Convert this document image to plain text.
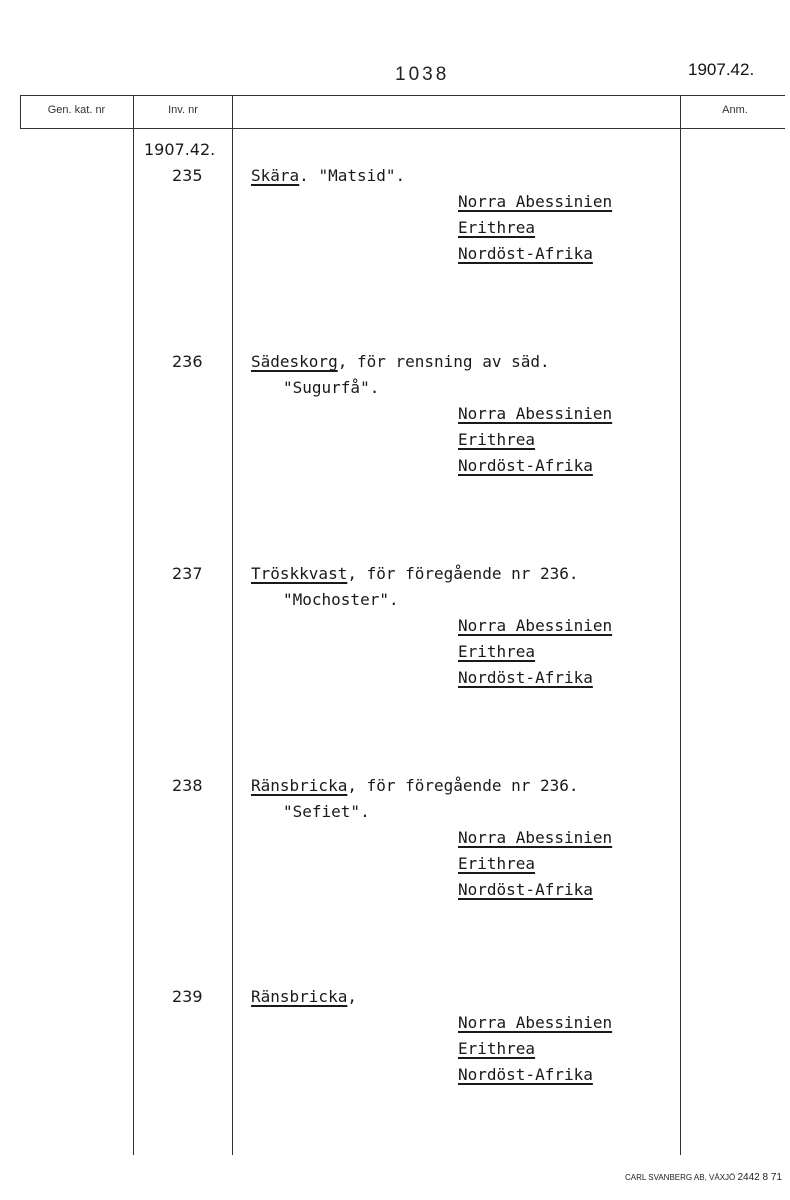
1038	1907.42.
Gen. kat. nr	Inv. nr	Anm.
1907.42.
235	Skära. "Matsid".
Norra Abessinien
Erithrea
Nordöst-Afrika
236	Sädeskorg, för rensning av säd.
"Sugurfå".
Norra Abessinien
Erithrea
Nordöst-Afrika
237	Tröskkvast, för föregående nr 236.
"Mochoster".
Norra Abessinien
Erithrea
Nordöst-Afrika
238	Ränsbricka, för föregående nr 236.
"Sefiet".
Norra Abessinien
Erithrea
Nordöst-Afrika
239	Ränsbricka,
Norra Abessinien
Erithrea
Nordöst-Afrika
CARL SVANBERG AB, VÄXJÖ 2442 8 71
